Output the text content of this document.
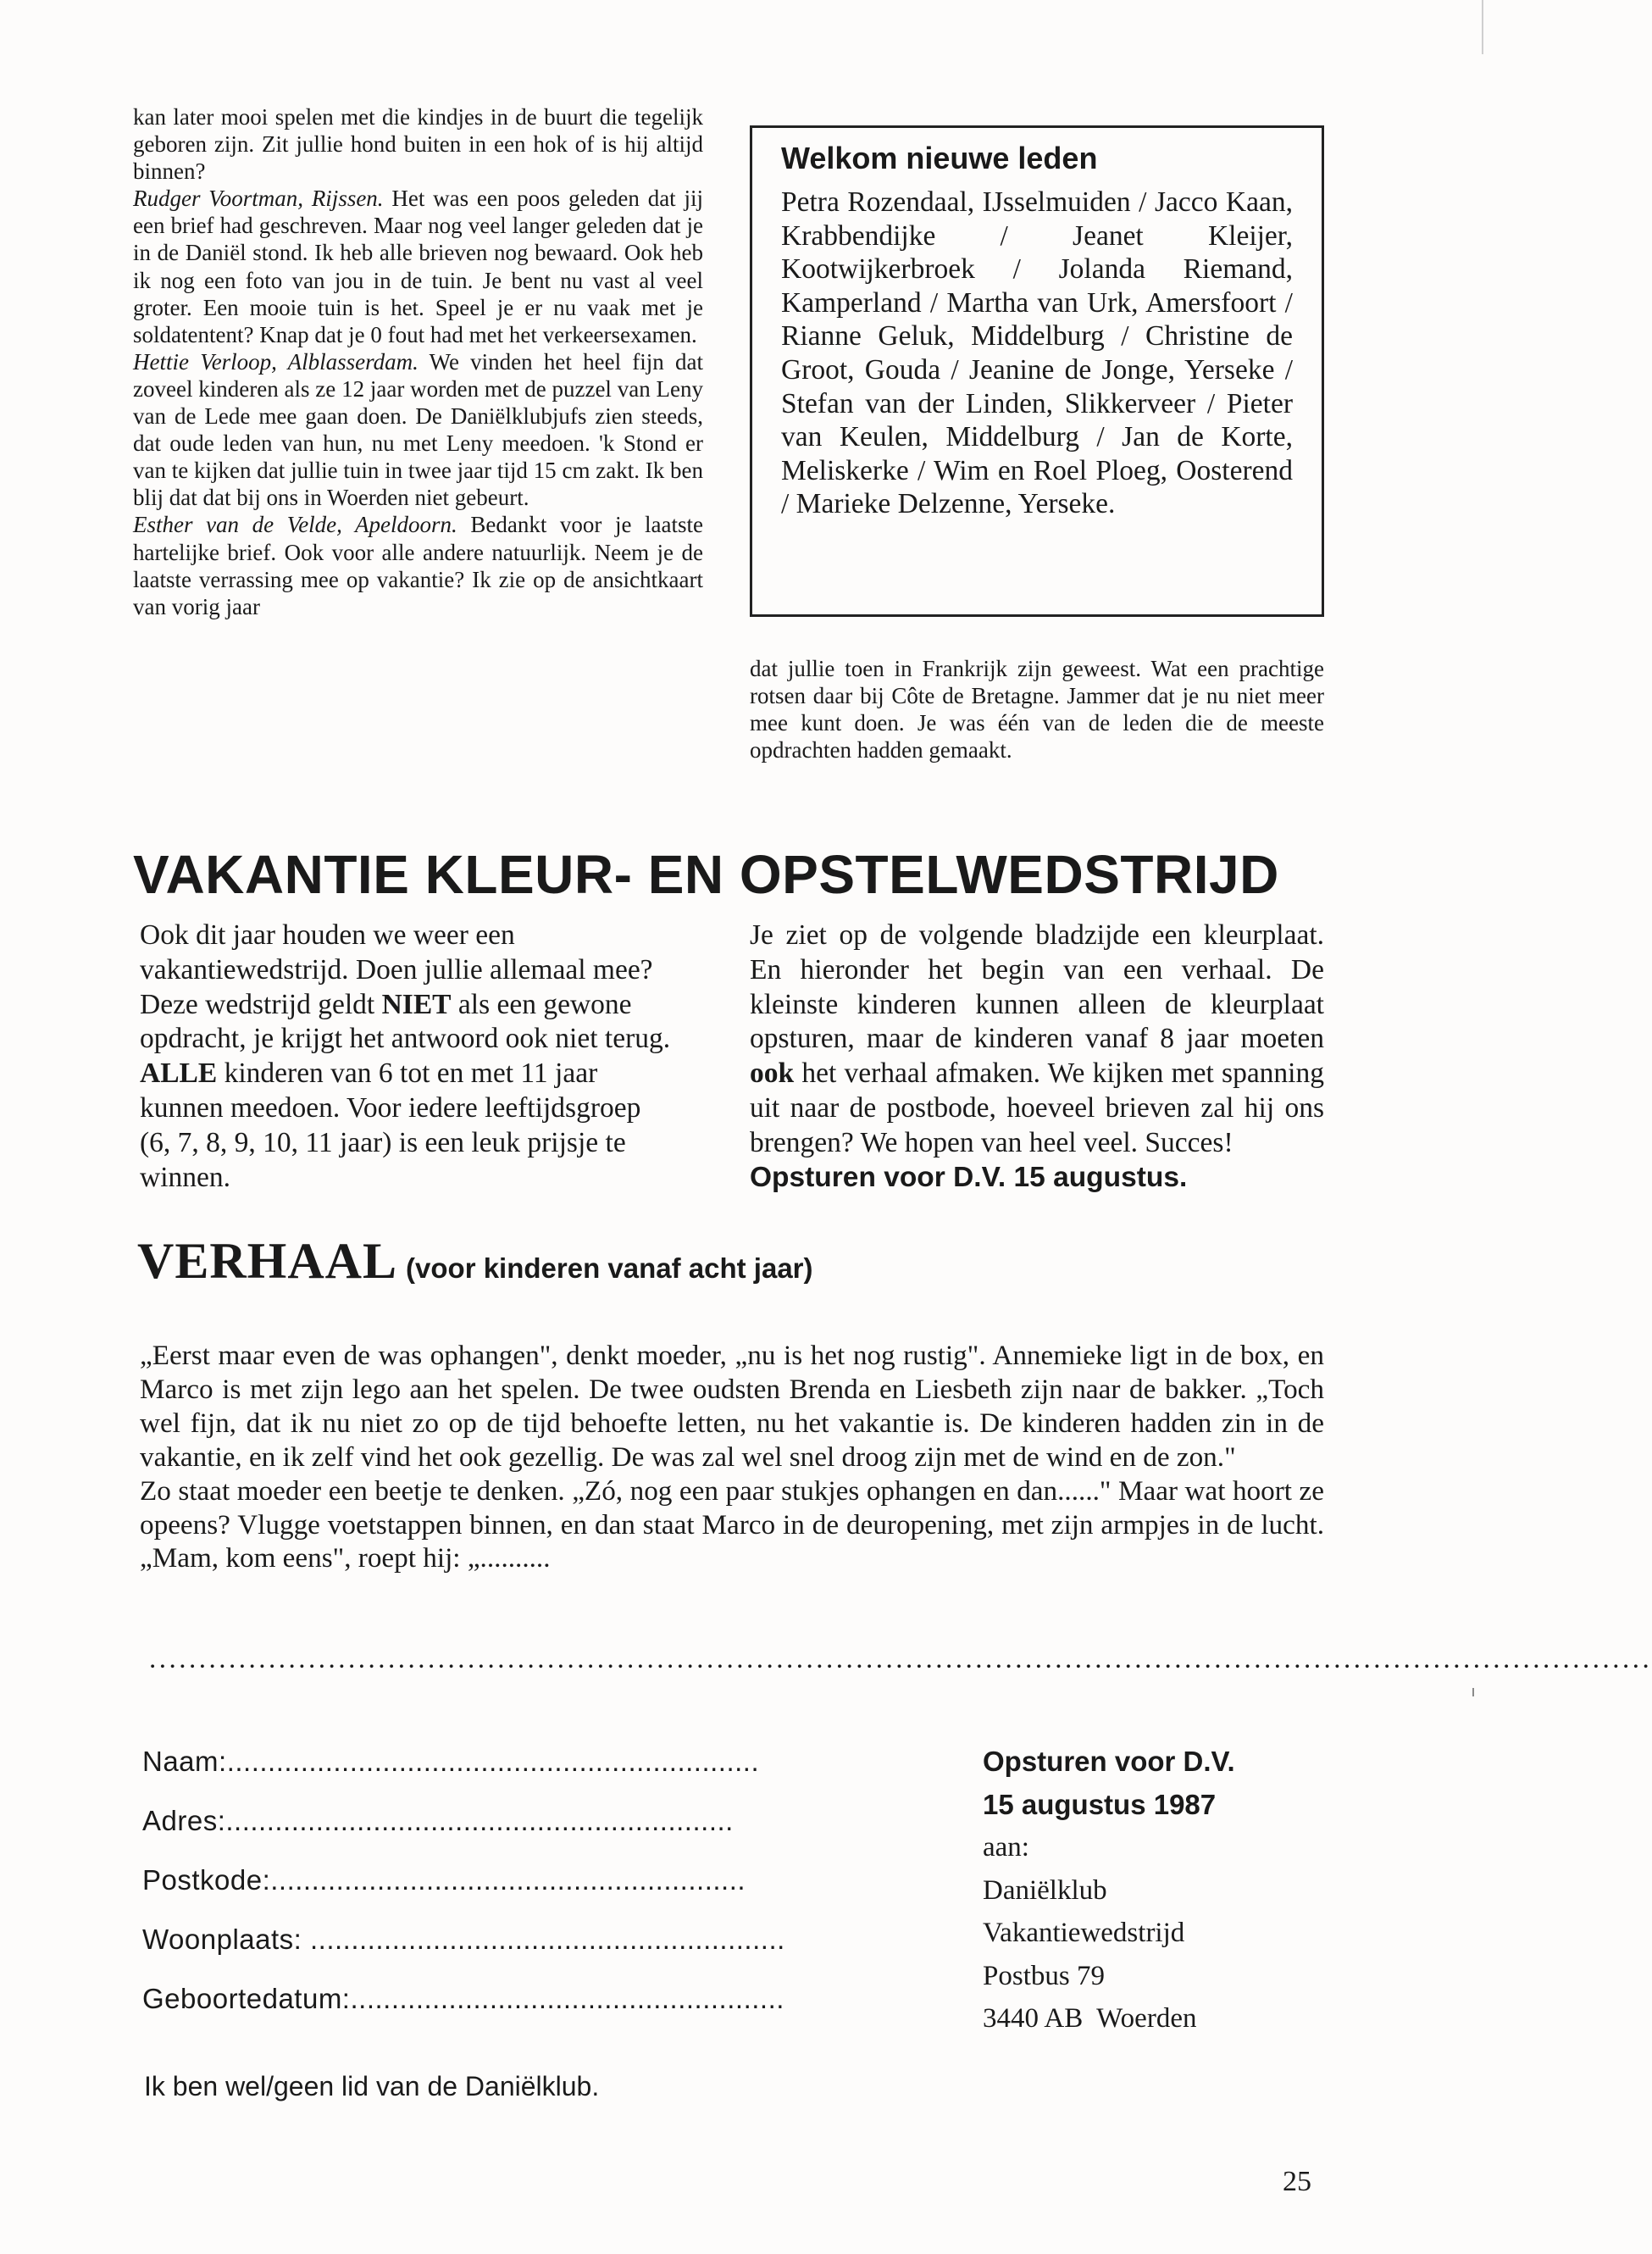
kan later mooi spelen met die kindjes in de buurt die tegelijk geboren zijn. Zit jullie hond buiten in een hok of is hij altijd binnen?

Rudger Voortman, Rijssen. Het was een poos geleden dat jij een brief had geschreven. Maar nog veel langer geleden dat je in de Daniël stond. Ik heb alle brieven nog bewaard. Ook heb ik nog een foto van jou in de tuin. Je bent nu vast al veel groter. Een mooie tuin is het. Speel je er nu vaak met je soldatentent? Knap dat je 0 fout had met het verkeersexamen.

Hettie Verloop, Alblasserdam. We vinden het heel fijn dat zoveel kinderen als ze 12 jaar worden met de puzzel van Leny van de Lede mee gaan doen. De Daniëlklubjufs zien steeds, dat oude leden van hun, nu met Leny meedoen. 'k Stond er van te kijken dat jullie tuin in twee jaar tijd 15 cm zakt. Ik ben blij dat dat bij ons in Woerden niet gebeurt.

Esther van de Velde, Apeldoorn. Bedankt voor je laatste hartelijke brief. Ook voor alle andere natuurlijk. Neem je de laatste verrassing mee op vakantie? Ik zie op de ansichtkaart van vorig jaar

Welkom nieuwe leden

Petra Rozendaal, IJsselmuiden / Jacco Kaan, Krabbendijke / Jeanet Kleijer, Kootwijkerbroek / Jolanda Riemand, Kamperland / Martha van Urk, Amersfoort / Rianne Geluk, Middelburg / Christine de Groot, Gouda / Jeanine de Jonge, Yerseke / Stefan van der Linden, Slikkerveer / Pieter van Keulen, Middelburg / Jan de Korte, Meliskerke / Wim en Roel Ploeg, Oosterend / Marieke Delzenne, Yerseke.

dat jullie toen in Frankrijk zijn geweest. Wat een prachtige rotsen daar bij Côte de Bretagne. Jammer dat je nu niet meer mee kunt doen. Je was één van de leden die de meeste opdrachten hadden gemaakt.

VAKANTIE KLEUR- EN OPSTELWEDSTRIJD

Ook dit jaar houden we weer een vakantiewedstrijd. Doen jullie allemaal mee? Deze wedstrijd geldt NIET als een gewone opdracht, je krijgt het antwoord ook niet terug.

ALLE kinderen van 6 tot en met 11 jaar kunnen meedoen. Voor iedere leeftijdsgroep (6, 7, 8, 9, 10, 11 jaar) is een leuk prijsje te winnen.

Je ziet op de volgende bladzijde een kleurplaat. En hieronder het begin van een verhaal. De kleinste kinderen kunnen alleen de kleurplaat opsturen, maar de kinderen vanaf 8 jaar moeten ook het verhaal afmaken. We kijken met spanning uit naar de postbode, hoeveel brieven zal hij ons brengen? We hopen van heel veel. Succes!

Opsturen voor D.V. 15 augustus.

VERHAAL (voor kinderen vanaf acht jaar)

„Eerst maar even de was ophangen", denkt moeder, „nu is het nog rustig". Annemieke ligt in de box, en Marco is met zijn lego aan het spelen. De twee oudsten Brenda en Liesbeth zijn naar de bakker. „Toch wel fijn, dat ik nu niet zo op de tijd behoefte letten, nu het vakantie is. De kinderen hadden zin in de vakantie, en ik zelf vind het ook gezellig. De was zal wel snel droog zijn met de wind en de zon."

Zo staat moeder een beetje te denken. „Zó, nog een paar stukjes ophangen en dan......" Maar wat hoort ze opeens? Vlugge voetstappen binnen, en dan staat Marco in de deuropening, met zijn armpjes in de lucht. „Mam, kom eens", roept hij: „..........

.......................................................................................................................................................
Naam:.................................................................
Adres:..............................................................
Postkode:..........................................................
Woonplaats: ..........................................................
Geboortedatum:.....................................................
Opsturen voor D.V.
15 augustus 1987
aan:
Daniëlklub
Vakantiewedstrijd
Postbus 79
3440 AB  Woerden
Ik ben wel/geen lid van de Daniëlklub.
25
